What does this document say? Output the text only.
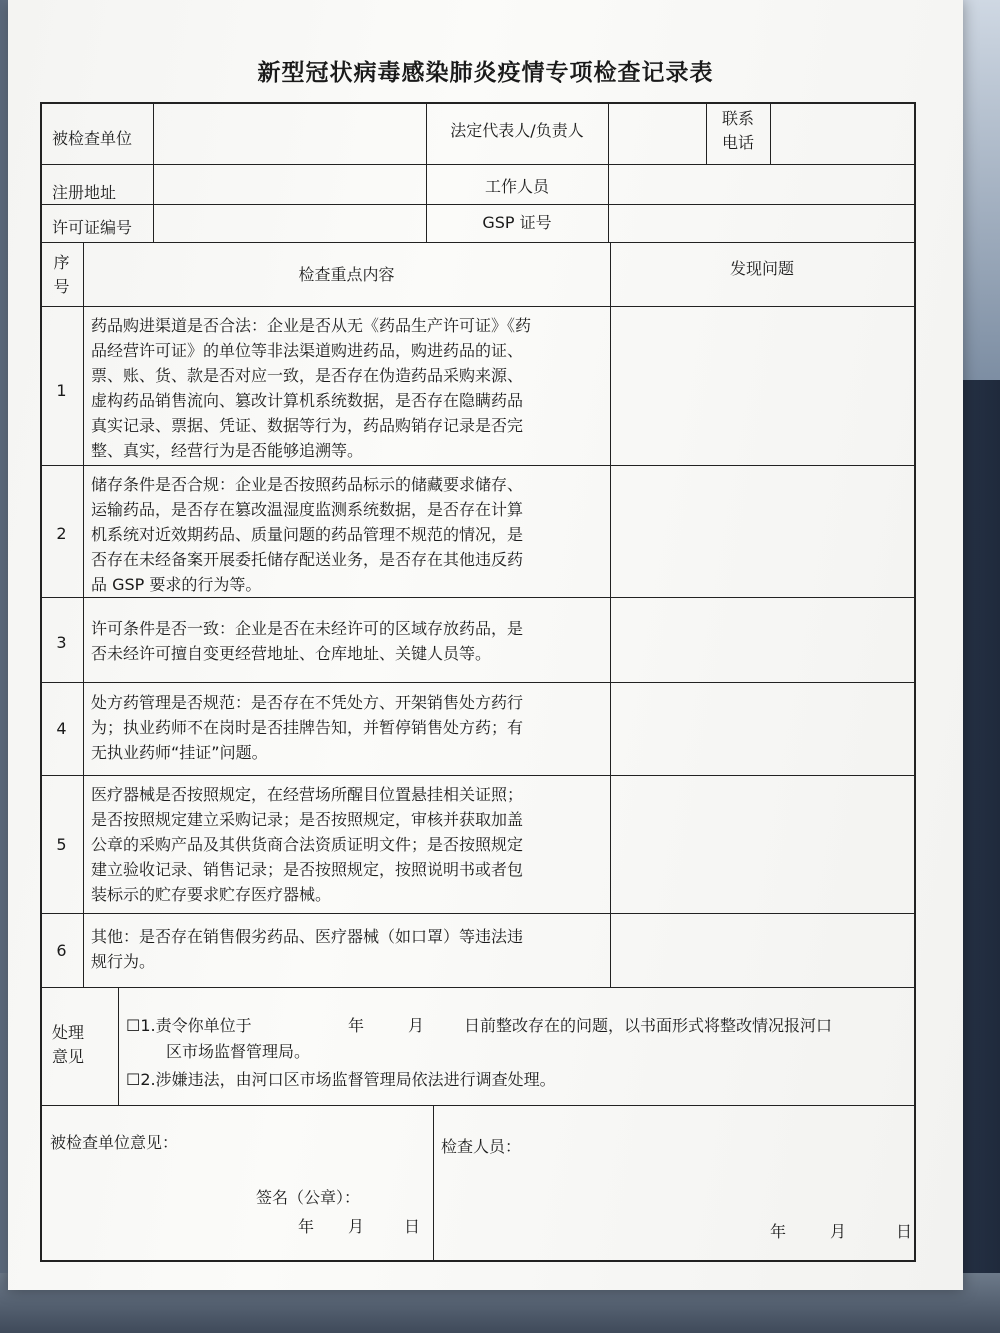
新型冠状病毒感染肺炎疫情专项检查记录表
被检查单位	法定代表人/负责人
联系
电话
注册地址	工作人员
许可证编号	GSP 证号
序
号
检查重点内容	发现问题
1
药品购进渠道是否合法：企业是否从无《药品生产许可证》《药
品经营许可证》的单位等非法渠道购进药品，购进药品的证、
票、账、货、款是否对应一致，是否存在伪造药品采购来源、
虚构药品销售流向、篡改计算机系统数据，是否存在隐瞒药品
真实记录、票据、凭证、数据等行为，药品购销存记录是否完
整、真实，经营行为是否能够追溯等。
2
储存条件是否合规：企业是否按照药品标示的储藏要求储存、
运输药品，是否存在篡改温湿度监测系统数据，是否存在计算
机系统对近效期药品、质量问题的药品管理不规范的情况，是
否存在未经备案开展委托储存配送业务，是否存在其他违反药
品 GSP 要求的行为等。
3
许可条件是否一致：企业是否在未经许可的区域存放药品，是
否未经许可擅自变更经营地址、仓库地址、关键人员等。
4
处方药管理是否规范：是否存在不凭处方、开架销售处方药行
为；执业药师不在岗时是否挂牌告知，并暂停销售处方药；有
无执业药师“挂证”问题。
5
医疗器械是否按照规定，在经营场所醒目位置悬挂相关证照；
是否按照规定建立采购记录；是否按照规定，审核并获取加盖
公章的采购产品及其供货商合法资质证明文件；是否按照规定
建立验收记录、销售记录；是否按照规定，按照说明书或者包
装标示的贮存要求贮存医疗器械。
6
其他：是否存在销售假劣药品、医疗器械（如口罩）等违法违
规行为。
处理
意见
☐1.责令你单位于	年	月 日前整改存在的问题，以书面形式将整改情况报河口
区市场监督管理局。
☐2.涉嫌违法，由河口区市场监督管理局依法进行调查处理。
被检查单位意见：
签名（公章）：
年 月 日
检查人员：
年	月	日
